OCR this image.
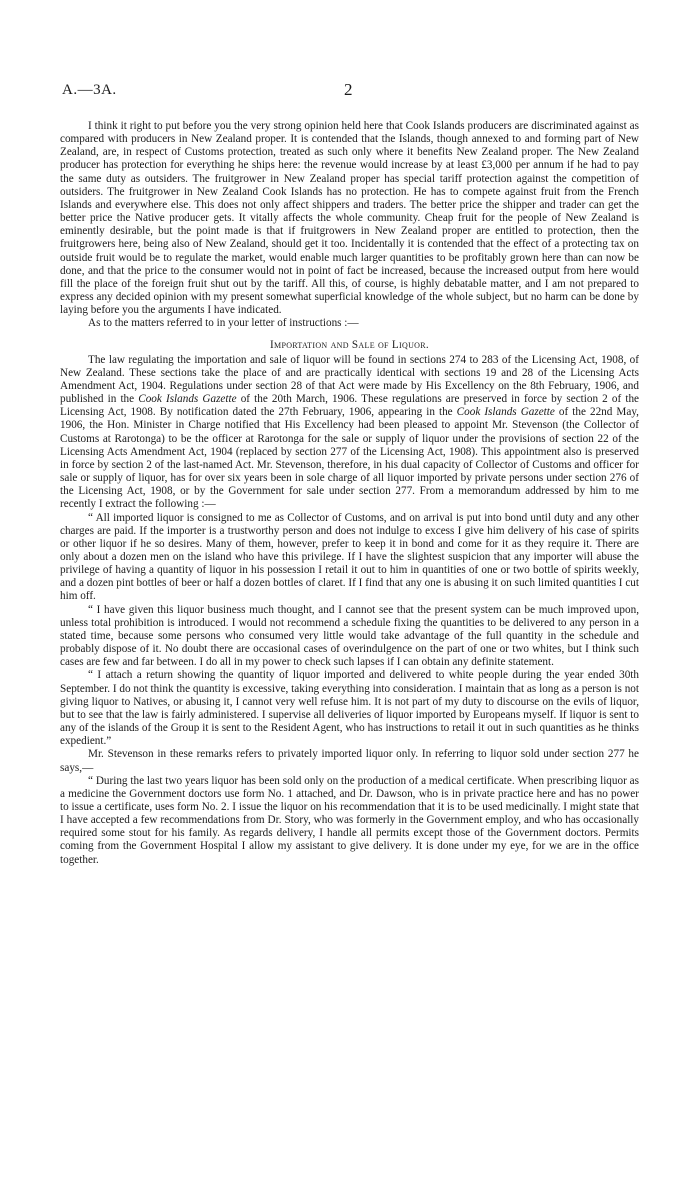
A.—3A.	2

I think it right to put before you the very strong opinion held here that Cook Islands producers are discriminated against as compared with producers in New Zealand proper. It is contended that the Islands, though annexed to and forming part of New Zealand, are, in respect of Customs protection, treated as such only where it benefits New Zealand proper. The New Zealand producer has protection for everything he ships here: the revenue would increase by at least £3,000 per annum if he had to pay the same duty as outsiders. The fruitgrower in New Zealand proper has special tariff protection against the competition of outsiders. The fruitgrower in New Zealand Cook Islands has no protection. He has to compete against fruit from the French Islands and everywhere else. This does not only affect shippers and traders. The better price the shipper and trader can get the better price the Native producer gets. It vitally affects the whole community. Cheap fruit for the people of New Zealand is eminently desirable, but the point made is that if fruitgrowers in New Zealand proper are entitled to protection, then the fruitgrowers here, being also of New Zealand, should get it too. Incidentally it is contended that the effect of a protecting tax on outside fruit would be to regulate the market, would enable much larger quantities to be profitably grown here than can now be done, and that the price to the consumer would not in point of fact be increased, because the increased output from here would fill the place of the foreign fruit shut out by the tariff. All this, of course, is highly debatable matter, and I am not prepared to express any decided opinion with my present somewhat superficial knowledge of the whole subject, but no harm can be done by laying before you the arguments I have indicated.

As to the matters referred to in your letter of instructions :—

Importation and Sale of Liquor.

The law regulating the importation and sale of liquor will be found in sections 274 to 283 of the Licensing Act, 1908, of New Zealand. These sections take the place of and are practically identical with sections 19 and 28 of the Licensing Acts Amendment Act, 1904. Regulations under section 28 of that Act were made by His Excellency on the 8th February, 1906, and published in the Cook Islands Gazette of the 20th March, 1906. These regulations are preserved in force by section 2 of the Licensing Act, 1908. By notification dated the 27th February, 1906, appearing in the Cook Islands Gazette of the 22nd May, 1906, the Hon. Minister in Charge notified that His Excellency had been pleased to appoint Mr. Stevenson (the Collector of Customs at Rarotonga) to be the officer at Rarotonga for the sale or supply of liquor under the provisions of section 22 of the Licensing Acts Amendment Act, 1904 (replaced by section 277 of the Licensing Act, 1908). This appointment also is preserved in force by section 2 of the last-named Act. Mr. Stevenson, therefore, in his dual capacity of Collector of Customs and officer for sale or supply of liquor, has for over six years been in sole charge of all liquor imported by private persons under section 276 of the Licensing Act, 1908, or by the Government for sale under section 277. From a memorandum addressed by him to me recently I extract the following :—

“ All imported liquor is consigned to me as Collector of Customs, and on arrival is put into bond until duty and any other charges are paid. If the importer is a trustworthy person and does not indulge to excess I give him delivery of his case of spirits or other liquor if he so desires. Many of them, however, prefer to keep it in bond and come for it as they require it. There are only about a dozen men on the island who have this privilege. If I have the slightest suspicion that any importer will abuse the privilege of having a quantity of liquor in his possession I retail it out to him in quantities of one or two bottle of spirits weekly, and a dozen pint bottles of beer or half a dozen bottles of claret. If I find that any one is abusing it on such limited quantities I cut him off.

“ I have given this liquor business much thought, and I cannot see that the present system can be much improved upon, unless total prohibition is introduced. I would not recommend a schedule fixing the quantities to be delivered to any person in a stated time, because some persons who consumed very little would take advantage of the full quantity in the schedule and probably dispose of it. No doubt there are occasional cases of overindulgence on the part of one or two whites, but I think such cases are few and far between. I do all in my power to check such lapses if I can obtain any definite statement.

“ I attach a return showing the quantity of liquor imported and delivered to white people during the year ended 30th September. I do not think the quantity is excessive, taking everything into consideration. I maintain that as long as a person is not giving liquor to Natives, or abusing it, I cannot very well refuse him. It is not part of my duty to discourse on the evils of liquor, but to see that the law is fairly administered. I supervise all deliveries of liquor imported by Europeans myself. If liquor is sent to any of the islands of the Group it is sent to the Resident Agent, who has instructions to retail it out in such quantities as he thinks expedient.”

Mr. Stevenson in these remarks refers to privately imported liquor only. In referring to liquor sold under section 277 he says,—

“ During the last two years liquor has been sold only on the production of a medical certificate. When prescribing liquor as a medicine the Government doctors use form No. 1 attached, and Dr. Dawson, who is in private practice here and has no power to issue a certificate, uses form No. 2. I issue the liquor on his recommendation that it is to be used medicinally. I might state that I have accepted a few recommendations from Dr. Story, who was formerly in the Government employ, and who has occasionally required some stout for his family. As regards delivery, I handle all permits except those of the Government doctors. Permits coming from the Government Hospital I allow my assistant to give delivery. It is done under my eye, for we are in the office together.
